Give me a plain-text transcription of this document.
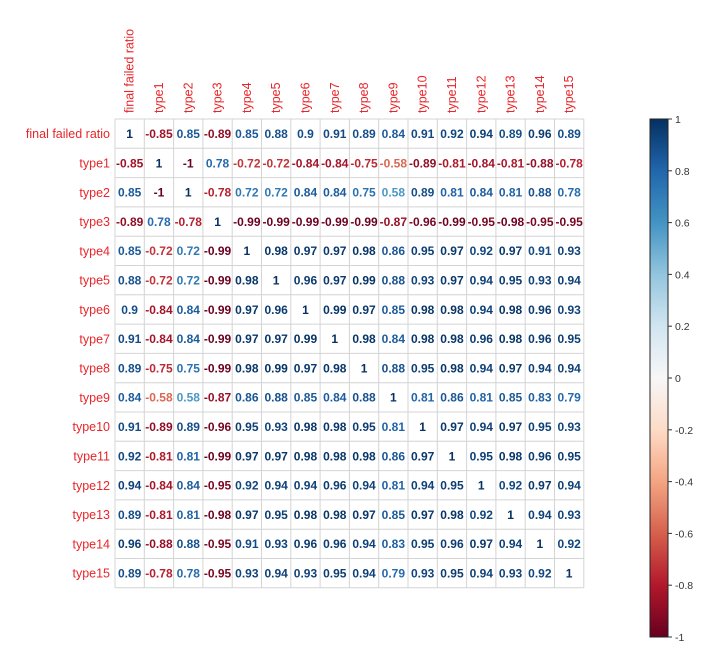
final failed ratio type1 type2 type3 type4 type5 type6 type7 type8 type9 type10 type11 type12 type13 type14 type15
final failed ratio
type1
type2
type3
type4
type5
type6
type7
type8
type9
type10
type11
type12
type13
type14
type15
1 -0.85 0.85 -0.89 0.85 0.88 0.9 0.91 0.89 0.84 0.91 0.92 0.94 0.89 0.96 0.89
-0.85 1 -1 0.78 -0.72 -0.72 -0.84 -0.84 -0.75 -0.58 -0.89 -0.81 -0.84 -0.81 -0.88 -0.78
0.85 -1 1 -0.78 0.72 0.72 0.84 0.84 0.75 0.58 0.89 0.81 0.84 0.81 0.88 0.78
-0.89 0.78 -0.78 1 -0.99 -0.99 -0.99 -0.99 -0.99 -0.87 -0.96 -0.99 -0.95 -0.98 -0.95 -0.95
0.85 -0.72 0.72 -0.99 1 0.98 0.97 0.97 0.98 0.86 0.95 0.97 0.92 0.97 0.91 0.93
0.88 -0.72 0.72 -0.99 0.98 1 0.96 0.97 0.99 0.88 0.93 0.97 0.94 0.95 0.93 0.94
0.9 -0.84 0.84 -0.99 0.97 0.96 1 0.99 0.97 0.85 0.98 0.98 0.94 0.98 0.96 0.93
0.91 -0.84 0.84 -0.99 0.97 0.97 0.99 1 0.98 0.84 0.98 0.98 0.96 0.98 0.96 0.95
0.89 -0.75 0.75 -0.99 0.98 0.99 0.97 0.98 1 0.88 0.95 0.98 0.94 0.97 0.94 0.94
0.84 -0.58 0.58 -0.87 0.86 0.88 0.85 0.84 0.88 1 0.81 0.86 0.81 0.85 0.83 0.79
0.91 -0.89 0.89 -0.96 0.95 0.93 0.98 0.98 0.95 0.81 1 0.97 0.94 0.97 0.95 0.93
0.92 -0.81 0.81 -0.99 0.97 0.97 0.98 0.98 0.98 0.86 0.97 1 0.95 0.98 0.96 0.95
0.94 -0.84 0.84 -0.95 0.92 0.94 0.94 0.96 0.94 0.81 0.94 0.95 1 0.92 0.97 0.94
0.89 -0.81 0.81 -0.98 0.97 0.95 0.98 0.98 0.97 0.85 0.97 0.98 0.92 1 0.94 0.93
0.96 -0.88 0.88 -0.95 0.91 0.93 0.96 0.96 0.94 0.83 0.95 0.96 0.97 0.94 1 0.92
0.89 -0.78 0.78 -0.95 0.93 0.94 0.93 0.95 0.94 0.79 0.93 0.95 0.94 0.93 0.92 1
1
0.8
0.6
0.4
0.2
0
-0.2
-0.4
-0.6
-0.8
-1
